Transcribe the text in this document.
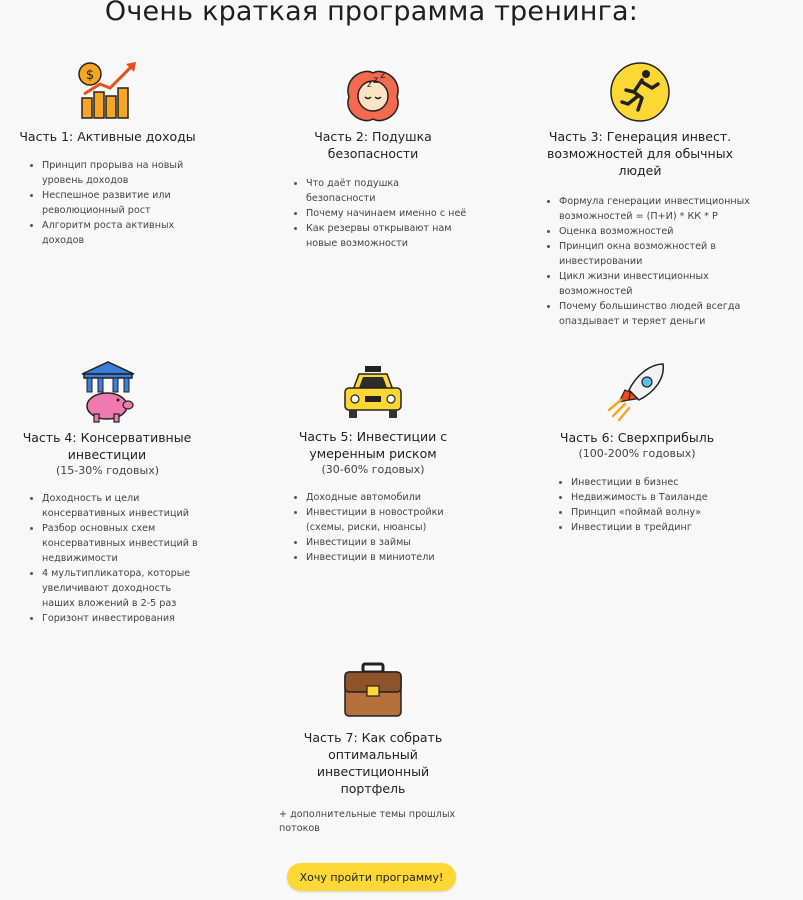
Очень краткая программа тренинга:
$
Часть 1: Активные доходы
Принцип прорыва на новый уровень доходов
Неспешное развитие или революционный рост
Алгоритм роста активных доходов
z z z
Часть 2: Подушка безопасности
Что даёт подушка безопасности
Почему начинаем именно с неё
Как резервы открывают нам новые возможности
Часть 3: Генерация инвест. возможностей для обычных людей
Формула генерации инвестиционных возможностей = (П+И) * КК * Р
Оценка возможностей
Принцип окна возможностей в инвестировании
Цикл жизни инвестиционных возможностей
Почему большинство людей всегда опаздывает и теряет деньги
Часть 4: Консервативные инвестиции
(15-30% годовых)
Доходность и цели консервативных инвестиций
Разбор основных схем консервативных инвестиций в недвижимости
4 мультипликатора, которые увеличивают доходность наших вложений в 2-5 раз
Горизонт инвестирования
Часть 5: Инвестиции с умеренным риском
(30-60% годовых)
Доходные автомобили
Инвестиции в новостройки (схемы, риски, нюансы)
Инвестиции в займы
Инвестиции в миниотели
Часть 6: Сверхприбыль
(100-200% годовых)
Инвестиции в бизнес
Недвижимость в Таиланде
Принцип «поймай волну»
Инвестиции в трейдинг
Часть 7: Как собрать оптимальный инвестиционный портфель
+ дополнительные темы прошлых потоков
Хочу пройти программу!
